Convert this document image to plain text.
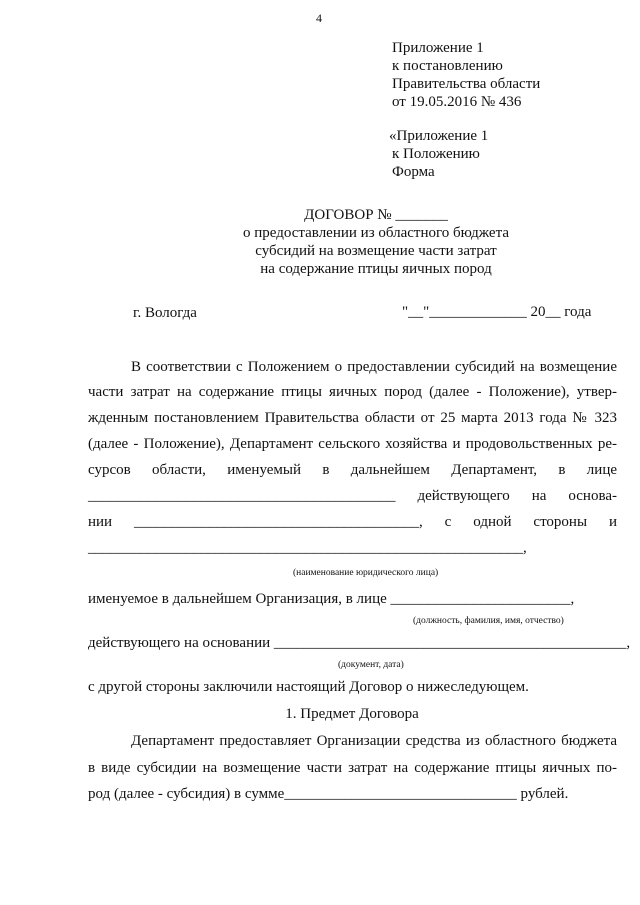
4
Приложение 1
к постановлению
Правительства области
от 19.05.2016 № 436
«Приложение 1
к Положению
Форма
ДОГОВОР № _______
о предоставлении из областного бюджета
субсидий на возмещение части затрат
на содержание птицы яичных пород
г. Вологда	"__"_____________ 20__ года
В соответствии с Положением о предоставлении субсидий на возмещение
части затрат на содержание птицы яичных пород (далее - Положение), утвер-
жденным постановлением Правительства области от 25 марта 2013 года № 323
(далее - Положение), Департамент сельского хозяйства и продовольственных ре-
сурсов области, именуемый в дальнейшем Департамент, в лице
_________________________________________ действующего на основа-
нии ______________________________________, с одной стороны и
__________________________________________________________,
(наименование юридического лица)
именуемое в дальнейшем Организация, в лице ________________________,
(должность, фамилия, имя, отчество)
действующего на основании _______________________________________________,
(документ, дата)
с другой стороны заключили настоящий Договор о нижеследующем.
1. Предмет Договора
Департамент предоставляет Организации средства из областного бюджета
в виде субсидии на возмещение части затрат на содержание птицы яичных по-
род (далее - субсидия) в сумме_______________________________ рублей.
